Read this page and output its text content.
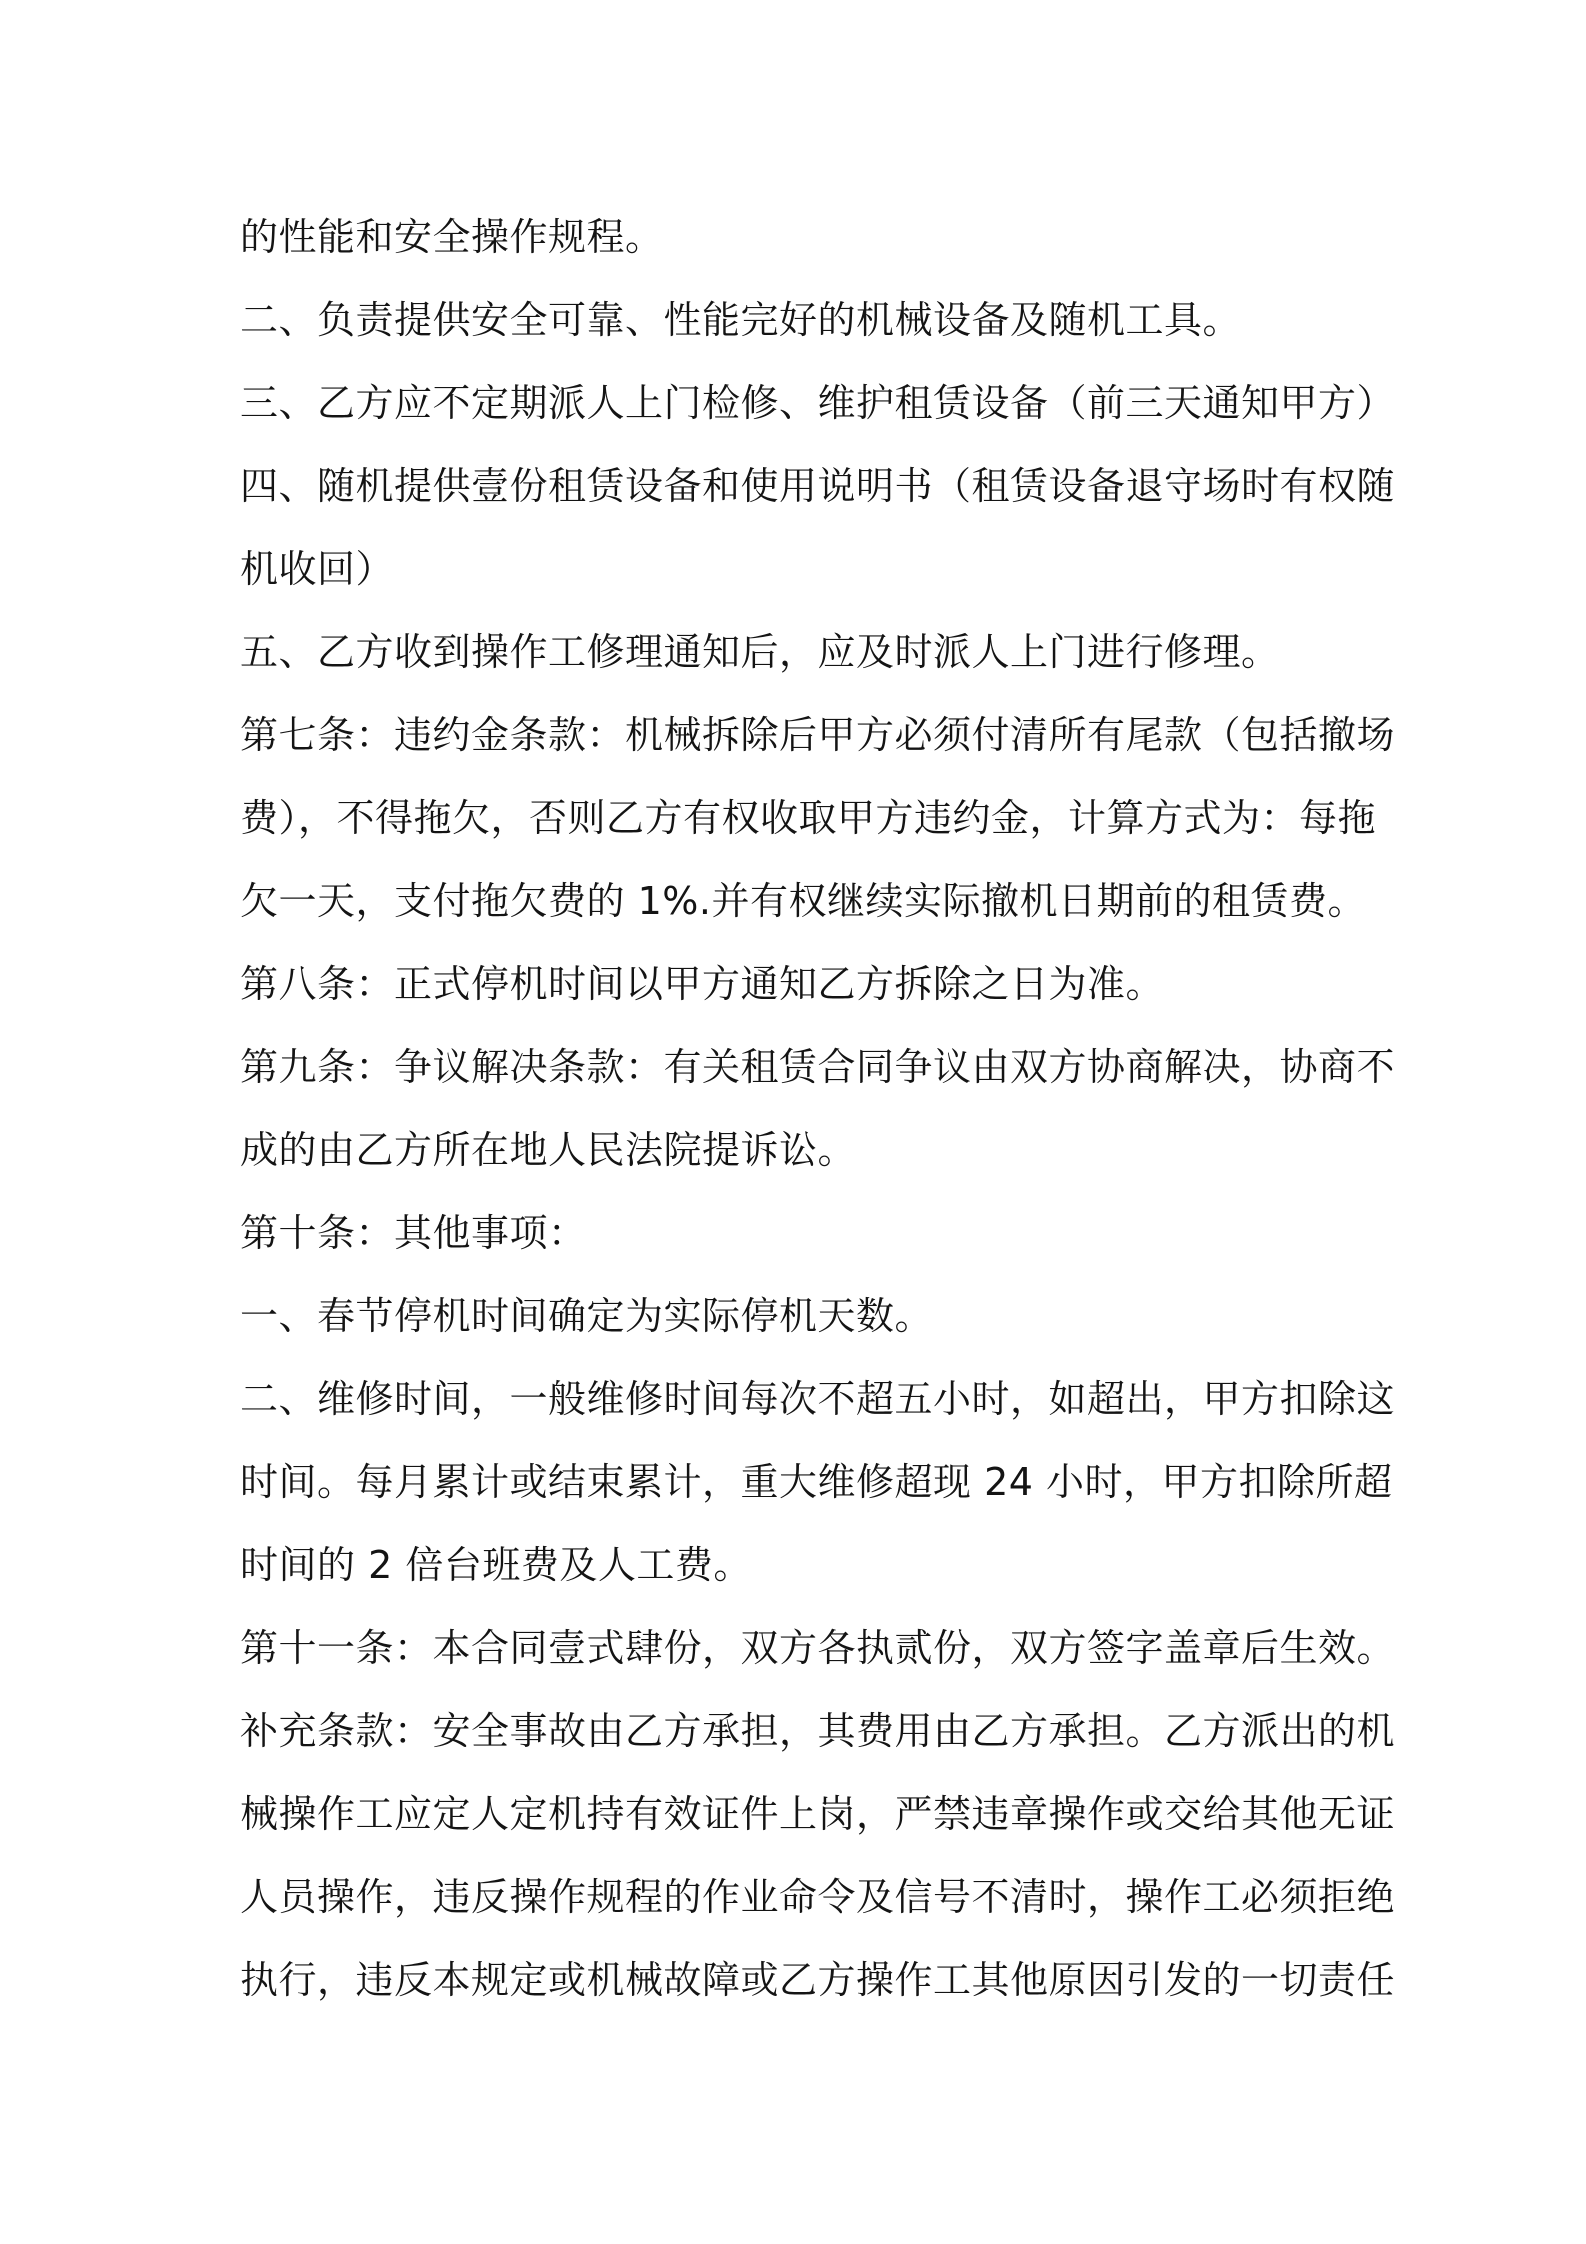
的性能和安全操作规程。
二、负责提供安全可靠、性能完好的机械设备及随机工具。
三、乙方应不定期派人上门检修、维护租赁设备（前三天通知甲方）
四、随机提供壹份租赁设备和使用说明书（租赁设备退守场时有权随
机收回）
五、乙方收到操作工修理通知后，应及时派人上门进行修理。
第七条：违约金条款：机械拆除后甲方必须付清所有尾款（包括撤场
费），不得拖欠，否则乙方有权收取甲方违约金，计算方式为：每拖
欠一天，支付拖欠费的 1%.并有权继续实际撤机日期前的租赁费。
第八条：正式停机时间以甲方通知乙方拆除之日为准。
第九条：争议解决条款：有关租赁合同争议由双方协商解决，协商不
成的由乙方所在地人民法院提诉讼。
第十条：其他事项：
一、春节停机时间确定为实际停机天数。
二、维修时间，一般维修时间每次不超五小时，如超出，甲方扣除这
时间。每月累计或结束累计，重大维修超现 24 小时，甲方扣除所超
时间的 2 倍台班费及人工费。
第十一条：本合同壹式肆份，双方各执贰份，双方签字盖章后生效。
补充条款：安全事故由乙方承担，其费用由乙方承担。乙方派出的机
械操作工应定人定机持有效证件上岗，严禁违章操作或交给其他无证
人员操作，违反操作规程的作业命令及信号不清时，操作工必须拒绝
执行，违反本规定或机械故障或乙方操作工其他原因引发的一切责任
